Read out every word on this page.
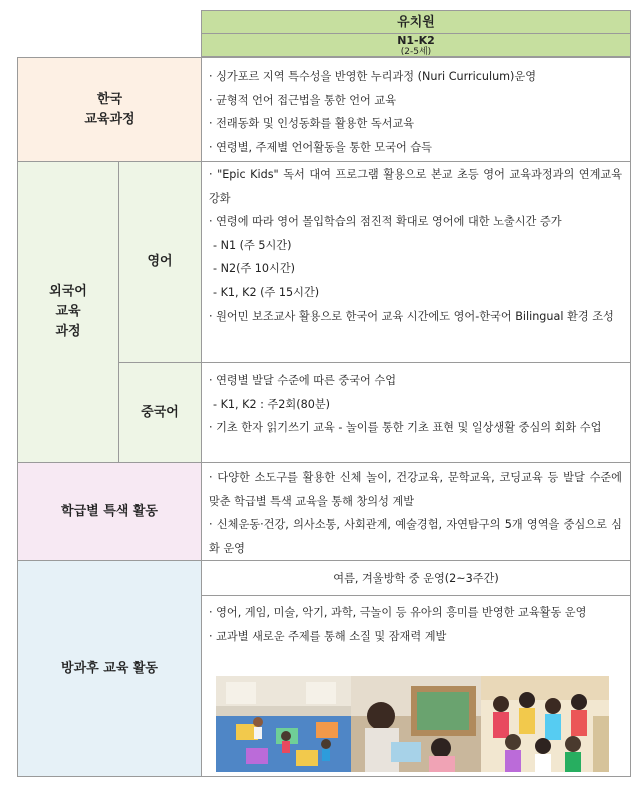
유치원
N1-K2
(2-5세)
한국
교육과정
· 싱가포르 지역 특수성을 반영한 누리과정 (Nuri Curriculum)운영
· 균형적 언어 접근법을 통한 언어 교육
· 전래동화 및 인성동화를 활용한 독서교육
· 연령별, 주제별 언어활동을 통한 모국어 습득
외국어
교육
과정
영어
· "Epic Kids" 독서 대여 프로그램 활용으로 본교 초등 영어 교육과정과의 연계교육 강화
· 연령에 따라 영어 몰입학습의 점진적 확대로 영어에 대한 노출시간 증가
- N1 (주 5시간)
- N2(주 10시간)
- K1, K2 (주 15시간)
· 원어민 보조교사 활용으로 한국어 교육 시간에도 영어-한국어 Bilingual 환경 조성
중국어
· 연령별 발달 수준에 따른 중국어 수업
- K1, K2 : 주2회(80분)
· 기초 한자 읽기쓰기 교육 - 놀이를 통한 기초 표현 및 일상생활 중심의 회화 수업
학급별 특색 활동
· 다양한 소도구를 활용한 신체 놀이, 건강교육, 문학교육, 코딩교육 등 발달 수준에 맞춘 학급별 특색 교육을 통해 창의성 계발
· 신체운동·건강, 의사소통, 사회관계, 예술경험, 자연탐구의 5개 영역을 중심으로 심화 운영
방과후 교육 활동
여름, 겨울방학 중 운영(2~3주간)
· 영어, 게임, 미술, 악기, 과학, 극놀이 등 유아의 흥미를 반영한 교육활동 운영
· 교과별 새로운 주제를 통해 소질 및 잠재력 계발
